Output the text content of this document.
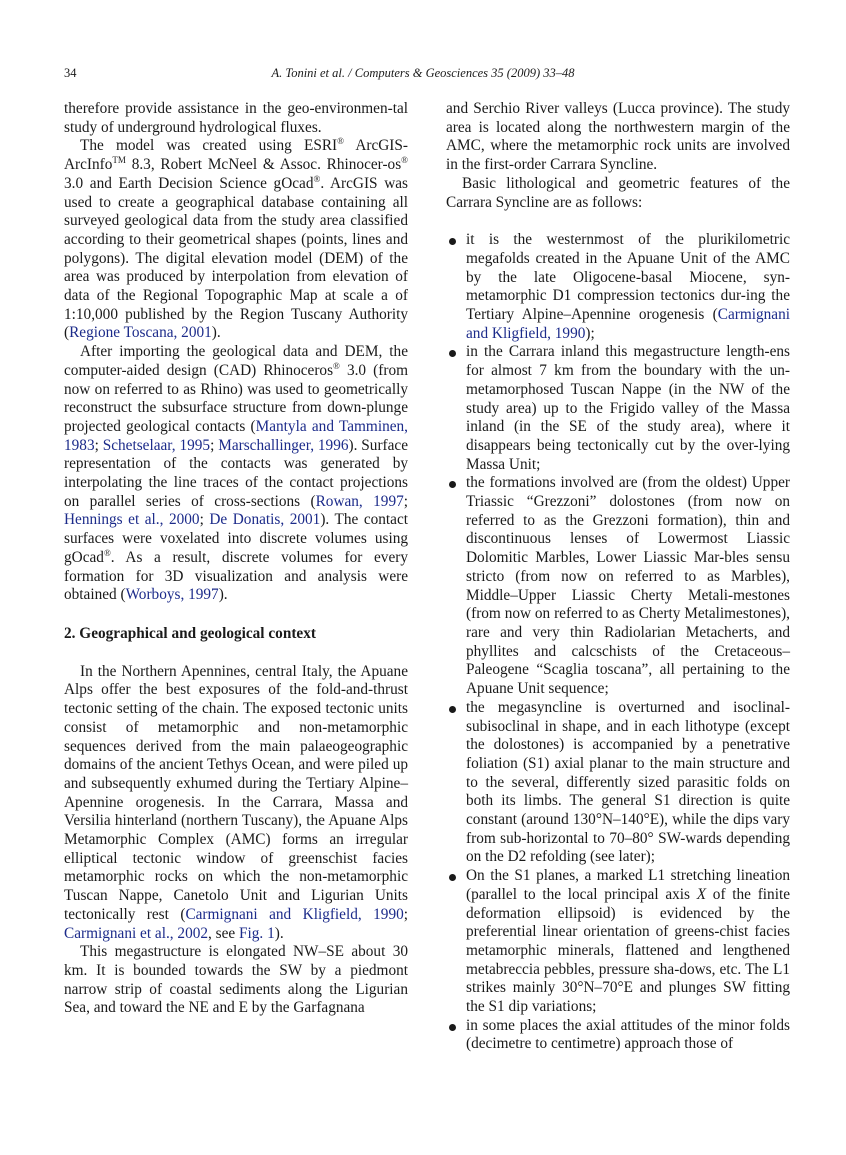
34	A. Tonini et al. / Computers & Geosciences 35 (2009) 33–48

therefore provide assistance in the geo-environmen-tal study of underground hydrological fluxes.

The model was created using ESRI® ArcGIS-ArcInfo™ 8.3, Robert McNeel & Assoc. Rhinocer-os® 3.0 and Earth Decision Science gOcad®. ArcGIS was used to create a geographical database containing all surveyed geological data from the study area classified according to their geometrical shapes (points, lines and polygons). The digital elevation model (DEM) of the area was produced by interpolation from elevation of data of the Regional Topographic Map at scale a of 1:10,000 published by the Region Tuscany Authority (Regione Toscana, 2001).

After importing the geological data and DEM, the computer-aided design (CAD) Rhinoceros® 3.0 (from now on referred to as Rhino) was used to geometrically reconstruct the subsurface structure from down-plunge projected geological contacts (Mantyla and Tamminen, 1983; Schetselaar, 1995; Marschallinger, 1996). Surface representation of the contacts was generated by interpolating the line traces of the contact projections on parallel series of cross-sections (Rowan, 1997; Hennings et al., 2000; De Donatis, 2001). The contact surfaces were voxelated into discrete volumes using gOcad®. As a result, discrete volumes for every formation for 3D visualization and analysis were obtained (Worboys, 1997).

2. Geographical and geological context

In the Northern Apennines, central Italy, the Apuane Alps offer the best exposures of the fold-and-thrust tectonic setting of the chain. The exposed tectonic units consist of metamorphic and non-metamorphic sequences derived from the main palaeogeographic domains of the ancient Tethys Ocean, and were piled up and subsequently exhumed during the Tertiary Alpine–Apennine orogenesis. In the Carrara, Massa and Versilia hinterland (northern Tuscany), the Apuane Alps Metamorphic Complex (AMC) forms an irregular elliptical tectonic window of greenschist facies metamorphic rocks on which the non-metamorphic Tuscan Nappe, Canetolo Unit and Ligurian Units tectonically rest (Carmignani and Kligfield, 1990; Carmignani et al., 2002, see Fig. 1).

This megastructure is elongated NW–SE about 30 km. It is bounded towards the SW by a piedmont narrow strip of coastal sediments along the Ligurian Sea, and toward the NE and E by the Garfagnana

and Serchio River valleys (Lucca province). The study area is located along the northwestern margin of the AMC, where the metamorphic rock units are involved in the first-order Carrara Syncline.

Basic lithological and geometric features of the Carrara Syncline are as follows:

it is the westernmost of the plurikilometric megafolds created in the Apuane Unit of the AMC by the late Oligocene-basal Miocene, syn-metamorphic D1 compression tectonics dur-ing the Tertiary Alpine–Apennine orogenesis (Carmignani and Kligfield, 1990);
in the Carrara inland this megastructure length-ens for almost 7 km from the boundary with the un-metamorphosed Tuscan Nappe (in the NW of the study area) up to the Frigido valley of the Massa inland (in the SE of the study area), where it disappears being tectonically cut by the over-lying Massa Unit;
the formations involved are (from the oldest) Upper Triassic “Grezzoni” dolostones (from now on referred to as the Grezzoni formation), thin and discontinuous lenses of Lowermost Liassic Dolomitic Marbles, Lower Liassic Mar-bles sensu stricto (from now on referred to as Marbles), Middle–Upper Liassic Cherty Metali-mestones (from now on referred to as Cherty Metalimestones), rare and very thin Radiolarian Metacherts, and phyllites and calcschists of the Cretaceous–Paleogene “Scaglia toscana”, all pertaining to the Apuane Unit sequence;
the megasyncline is overturned and isoclinal-subisoclinal in shape, and in each lithotype (except the dolostones) is accompanied by a penetrative foliation (S1) axial planar to the main structure and to the several, differently sized parasitic folds on both its limbs. The general S1 direction is quite constant (around 130°N–140°E), while the dips vary from sub-horizontal to 70–80° SW-wards depending on the D2 refolding (see later);
On the S1 planes, a marked L1 stretching lineation (parallel to the local principal axis X of the finite deformation ellipsoid) is evidenced by the preferential linear orientation of greens-chist facies metamorphic minerals, flattened and lengthened metabreccia pebbles, pressure sha-dows, etc. The L1 strikes mainly 30°N–70°E and plunges SW fitting the S1 dip variations;
in some places the axial attitudes of the minor folds (decimetre to centimetre) approach those of
